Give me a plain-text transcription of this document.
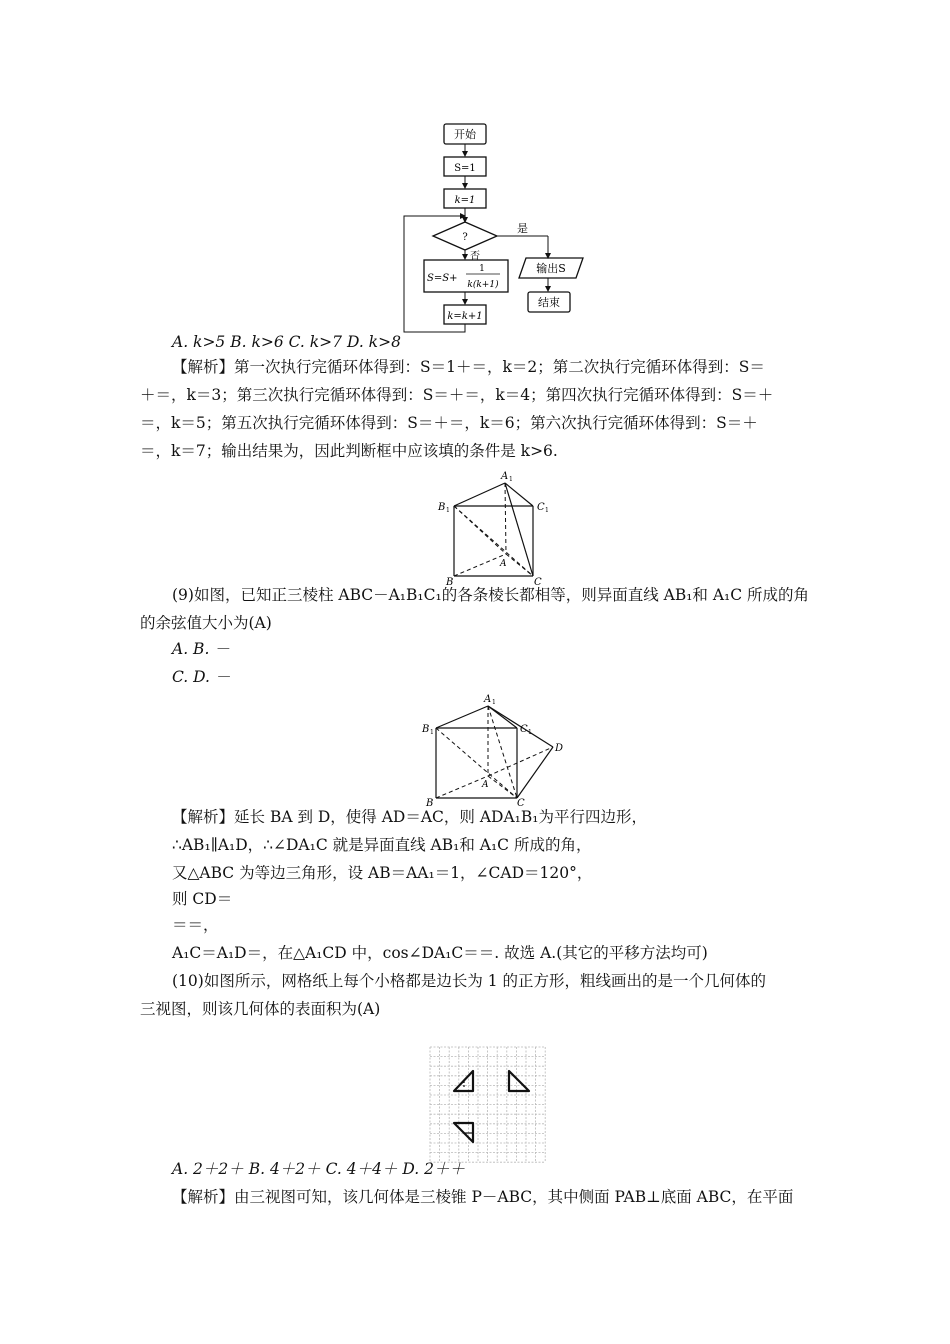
开始
S=1
k=1
?
是
否
S=S+
1
k(k+1)
k=k+1
输出S
结束
A. k>5 B. k>6 C. k>7 D. k>8
【解析】第一次执行完循环体得到：S＝1＋＝，k＝2；第二次执行完循环体得到：S＝
＋＝，k＝3；第三次执行完循环体得到：S＝＋＝，k＝4；第四次执行完循环体得到：S＝＋
＝，k＝5；第五次执行完循环体得到：S＝＋＝，k＝6；第六次执行完循环体得到：S＝＋
＝，k＝7；输出结果为，因此判断框中应该填的条件是 k>6.
A 1
B 1	C 1
A
B	C
(9)如图，已知正三棱柱 ABC－A₁B₁C₁的各条棱长都相等，则异面直线 AB₁和 A₁C 所成的角
的余弦值大小为(A)
A. B. －
C. D. －
A 1
B 1	C 1
D
A
B	C
【解析】延长 BA 到 D，使得 AD＝AC，则 ADA₁B₁为平行四边形，
∴AB₁∥A₁D，∴∠DA₁C 就是异面直线 AB₁和 A₁C 所成的角，
又△ABC 为等边三角形，设 AB＝AA₁＝1，∠CAD＝120°，
则 CD＝
＝＝，
A₁C＝A₁D＝，在△A₁CD 中，cos∠DA₁C＝＝. 故选 A.(其它的平移方法均可)
(10)如图所示，网格纸上每个小格都是边长为 1 的正方形，粗线画出的是一个几何体的
三视图，则该几何体的表面积为(A)
A. 2＋2＋ B. 4＋2＋ C. 4＋4＋ D. 2＋＋
【解析】由三视图可知，该几何体是三棱锥 P－ABC，其中侧面 PAB⊥底面 ABC，在平面
